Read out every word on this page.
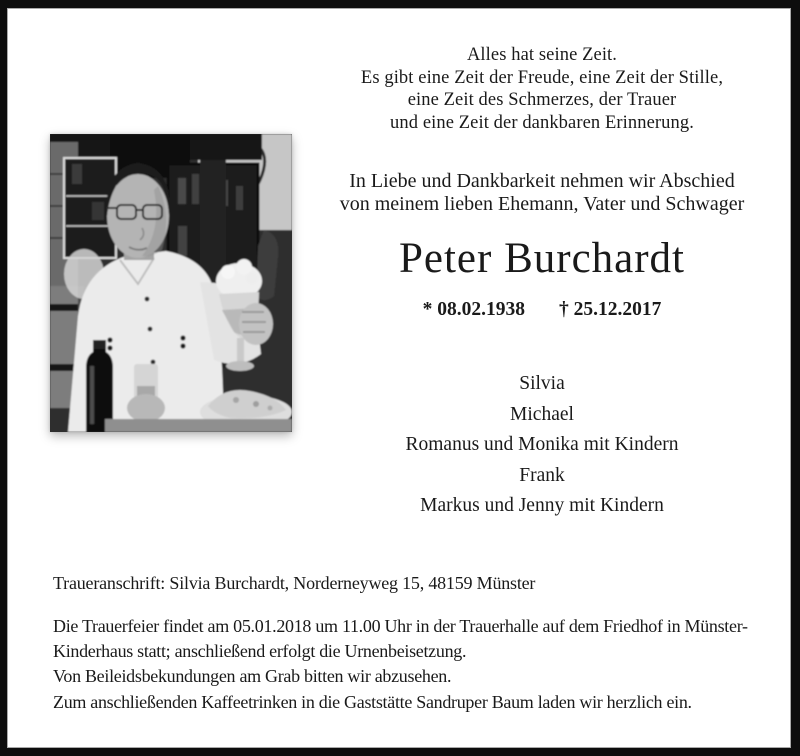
Alles hat seine Zeit.
Es gibt eine Zeit der Freude, eine Zeit der Stille,
eine Zeit des Schmerzes, der Trauer
und eine Zeit der dankbaren Erinnerung.
In Liebe und Dankbarkeit nehmen wir Abschied
von meinem lieben Ehemann, Vater und Schwager
Peter Burchardt
* 08.02.1938 † 25.12.2017
Silvia
Michael
Romanus und Monika mit Kindern
Frank
Markus und Jenny mit Kindern
Traueranschrift: Silvia Burchardt, Norderneyweg 15, 48159 Münster

Die Trauerfeier findet am 05.01.2018 um 11.00 Uhr in der Trauerhalle auf dem Friedhof in Münster-Kinderhaus statt; anschließend erfolgt die Urnenbeisetzung.

Von Beileidsbekundungen am Grab bitten wir abzusehen.

Zum anschließenden Kaffeetrinken in die Gaststätte Sandruper Baum laden wir herzlich ein.
